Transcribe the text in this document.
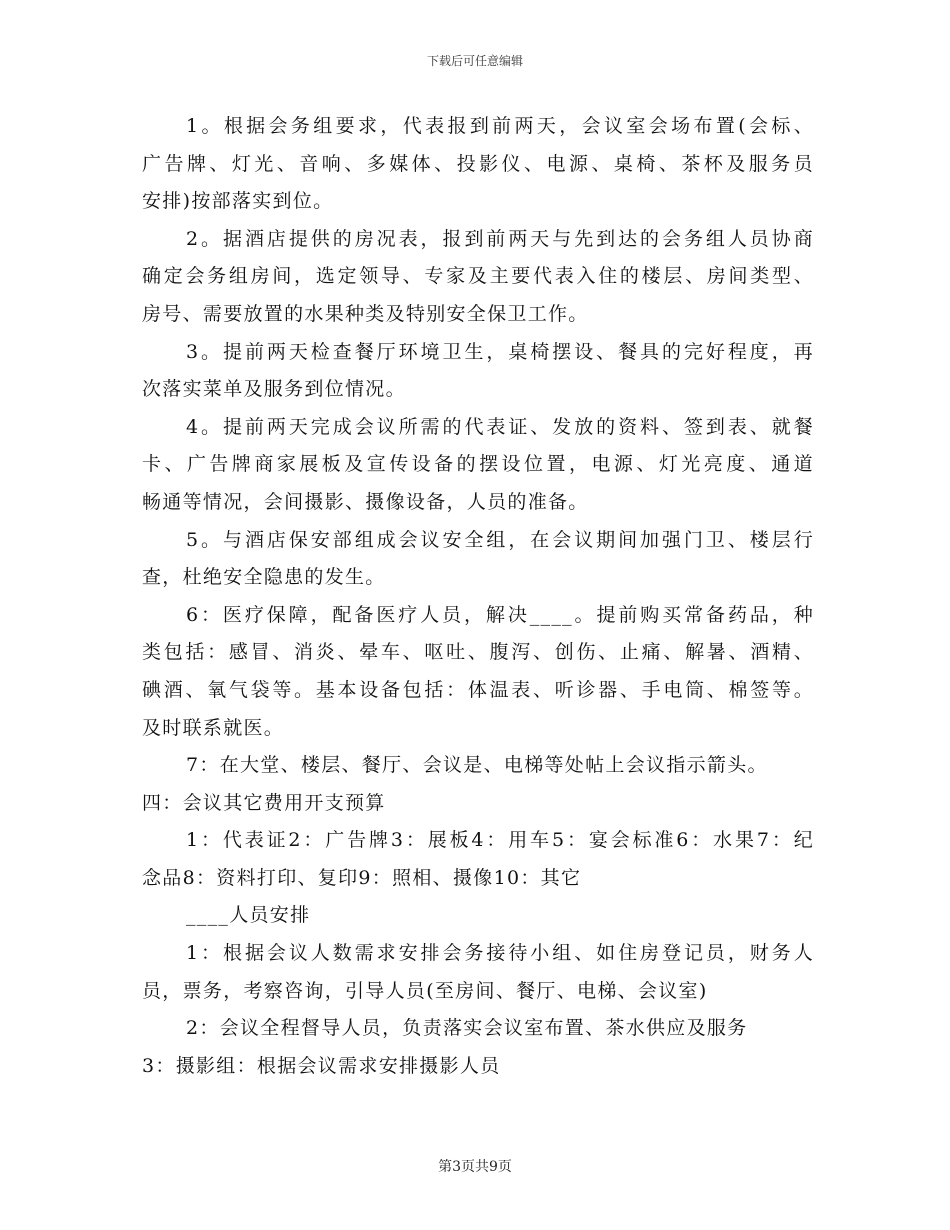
下载后可任意编辑
1。根据会务组要求，代表报到前两天，会议室会场布置(会标、
广告牌、灯光、音响、多媒体、投影仪、电源、桌椅、茶杯及服务员
安排)按部落实到位。
2。据酒店提供的房况表，报到前两天与先到达的会务组人员协商
确定会务组房间，选定领导、专家及主要代表入住的楼层、房间类型、
房号、需要放置的水果种类及特别安全保卫工作。
3。提前两天检查餐厅环境卫生，桌椅摆设、餐具的完好程度，再
次落实菜单及服务到位情况。
4。提前两天完成会议所需的代表证、发放的资料、签到表、就餐
卡、广告牌商家展板及宣传设备的摆设位置，电源、灯光亮度、通道
畅通等情况，会间摄影、摄像设备，人员的准备。
5。与酒店保安部组成会议安全组，在会议期间加强门卫、楼层行
查，杜绝安全隐患的发生。
6：医疗保障，配备医疗人员，解决____。提前购买常备药品，种
类包括：感冒、消炎、晕车、呕吐、腹泻、创伤、止痛、解暑、酒精、
碘酒、氧气袋等。基本设备包括：体温表、听诊器、手电筒、棉签等。
及时联系就医。
7：在大堂、楼层、餐厅、会议是、电梯等处帖上会议指示箭头。
四：会议其它费用开支预算
1：代表证2：广告牌3：展板4：用车5：宴会标准6：水果7：纪
念品8：资料打印、复印9：照相、摄像10：其它
____人员安排
1：根据会议人数需求安排会务接待小组、如住房登记员，财务人
员，票务，考察咨询，引导人员(至房间、餐厅、电梯、会议室)
2：会议全程督导人员，负责落实会议室布置、茶水供应及服务
3：摄影组：根据会议需求安排摄影人员
第3页共9页
